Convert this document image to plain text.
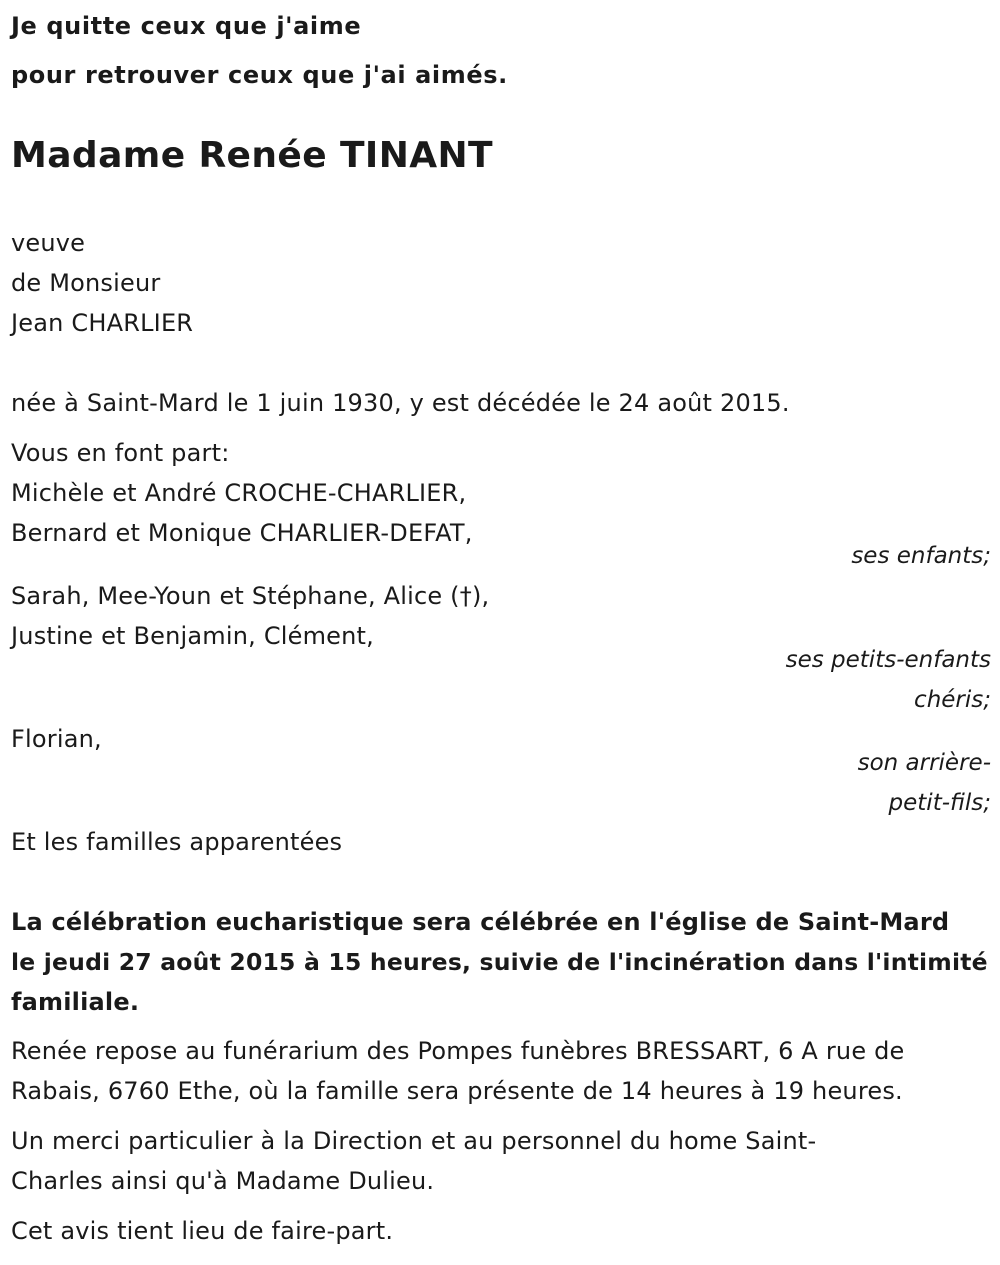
Je quitte ceux que j'aime
pour retrouver ceux que j'ai aimés.
Madame Renée TINANT
veuve
de Monsieur
Jean CHARLIER
née à Saint-Mard le 1 juin 1930, y est décédée le 24 août 2015.
Vous en font part:
Michèle et André CROCHE-CHARLIER,
Bernard et Monique CHARLIER-DEFAT,
ses enfants;
Sarah, Mee-Youn et Stéphane, Alice (†),
Justine et Benjamin, Clément,
ses petits-enfants
chéris;
Florian,
son arrière-
petit-fils;
Et les familles apparentées
La célébration eucharistique sera célébrée en l'église de Saint-Mard
le jeudi 27 août 2015 à 15 heures, suivie de l'incinération dans l'intimité
familiale.
Renée repose au funérarium des Pompes funèbres BRESSART, 6 A rue de
Rabais, 6760 Ethe, où la famille sera présente de 14 heures à 19 heures.
Un merci particulier à la Direction et au personnel du home Saint-
Charles ainsi qu'à Madame Dulieu.
Cet avis tient lieu de faire-part.
